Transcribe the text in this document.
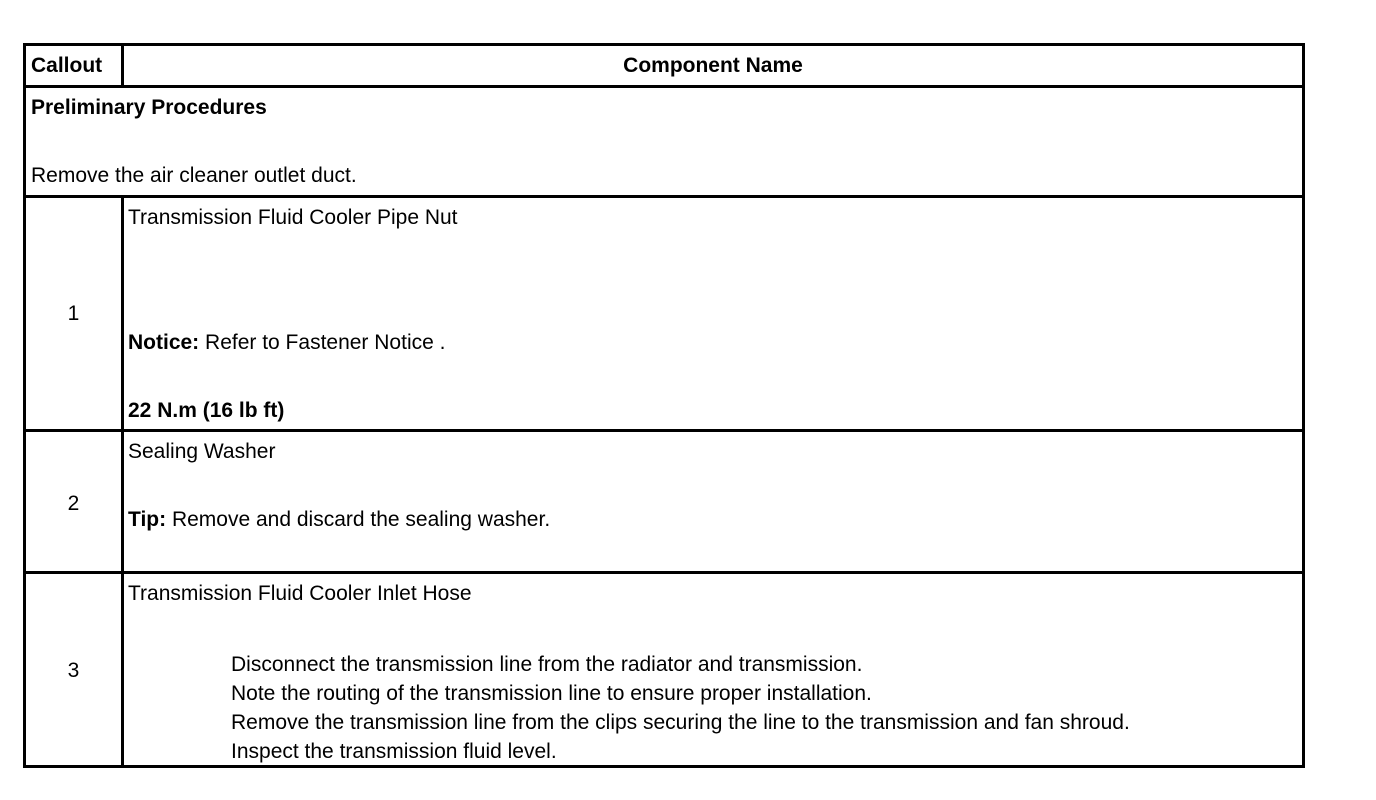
Callout	Component Name
Preliminary Procedures
Remove the air cleaner outlet duct.
1
Transmission Fluid Cooler Pipe Nut
Notice: Refer to Fastener Notice .
22 N.m (16 lb ft)
2
Sealing Washer
Tip: Remove and discard the sealing washer.
3
Transmission Fluid Cooler Inlet Hose
Disconnect the transmission line from the radiator and transmission.
Note the routing of the transmission line to ensure proper installation.
Remove the transmission line from the clips securing the line to the transmission and fan shroud.
Inspect the transmission fluid level.
